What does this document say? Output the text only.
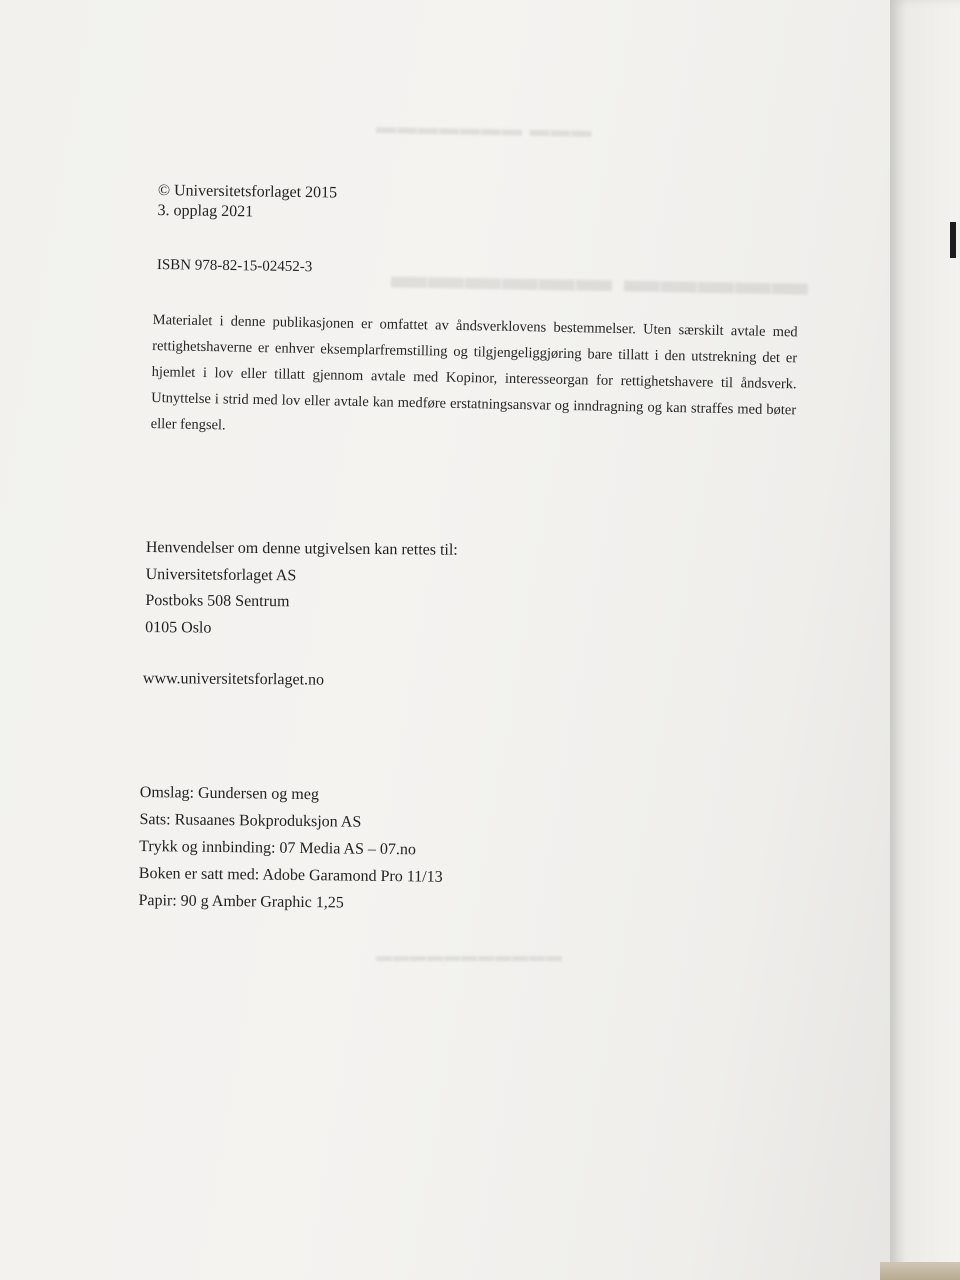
▬▬▬ ▬▬▬▬▬▬▬
▬▬▬▬▬ ▬▬▬▬▬▬
▬▬▬▬▬▬▬▬▬▬▬
© Universitetsforlaget 2015
3. opplag 2021
ISBN 978-82-15-02452-3
Materialet i denne publikasjonen er omfattet av åndsverklovens bestemmelser. Uten særskilt avtale med rettighetshaverne er enhver eksemplarfremstilling og tilgjengeliggjøring bare tillatt i den utstrekning det er hjemlet i lov eller tillatt gjennom avtale med Kopinor, interesseorgan for rettighetshavere til åndsverk. Utnyttelse i strid med lov eller avtale kan medføre erstatningsansvar og inndragning og kan straffes med bøter eller fengsel.
Henvendelser om denne utgivelsen kan rettes til:
Universitetsforlaget AS
Postboks 508 Sentrum
0105 Oslo
www.universitetsforlaget.no
Omslag: Gundersen og meg
Sats: Rusaanes Bokproduksjon AS
Trykk og innbinding: 07 Media AS – 07.no
Boken er satt med: Adobe Garamond Pro 11/13
Papir: 90 g Amber Graphic 1,25
